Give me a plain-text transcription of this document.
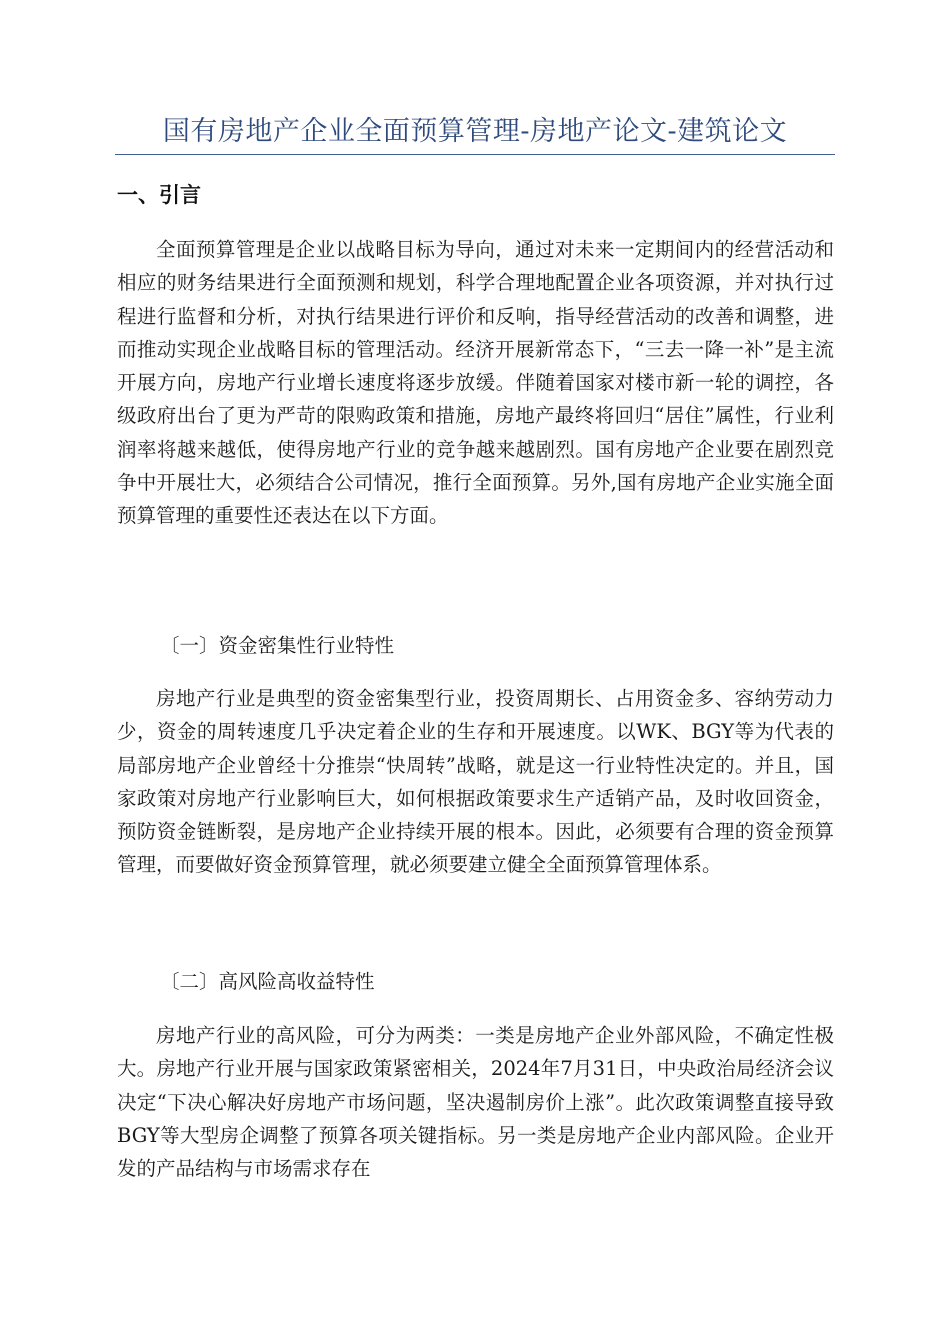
国有房地产企业全面预算管理-房地产论文-建筑论文
一、引言
全面预算管理是企业以战略目标为导向，通过对未来一定期间内的经营活动和相应的财务结果进行全面预测和规划，科学合理地配置企业各项资源，并对执行过程进行监督和分析，对执行结果进行评价和反响，指导经营活动的改善和调整，进而推动实现企业战略目标的管理活动。经济开展新常态下，“三去一降一补”是主流开展方向，房地产行业增长速度将逐步放缓。伴随着国家对楼市新一轮的调控，各级政府出台了更为严苛的限购政策和措施，房地产最终将回归“居住”属性，行业利润率将越来越低，使得房地产行业的竞争越来越剧烈。国有房地产企业要在剧烈竞争中开展壮大，必须结合公司情况，推行全面预算。另外,国有房地产企业实施全面预算管理的重要性还表达在以下方面。
〔一〕资金密集性行业特性
房地产行业是典型的资金密集型行业，投资周期长、占用资金多、容纳劳动力少，资金的周转速度几乎决定着企业的生存和开展速度。以WK、BGY等为代表的局部房地产企业曾经十分推崇“快周转”战略，就是这一行业特性决定的。并且，国家政策对房地产行业影响巨大，如何根据政策要求生产适销产品，及时收回资金，预防资金链断裂，是房地产企业持续开展的根本。因此，必须要有合理的资金预算管理，而要做好资金预算管理，就必须要建立健全全面预算管理体系。
〔二〕高风险高收益特性
房地产行业的高风险，可分为两类：一类是房地产企业外部风险，不确定性极大。房地产行业开展与国家政策紧密相关，2024年7月31日，中央政治局经济会议决定“下决心解决好房地产市场问题，坚决遏制房价上涨”。此次政策调整直接导致BGY等大型房企调整了预算各项关键指标。另一类是房地产企业内部风险。企业开发的产品结构与市场需求存在
